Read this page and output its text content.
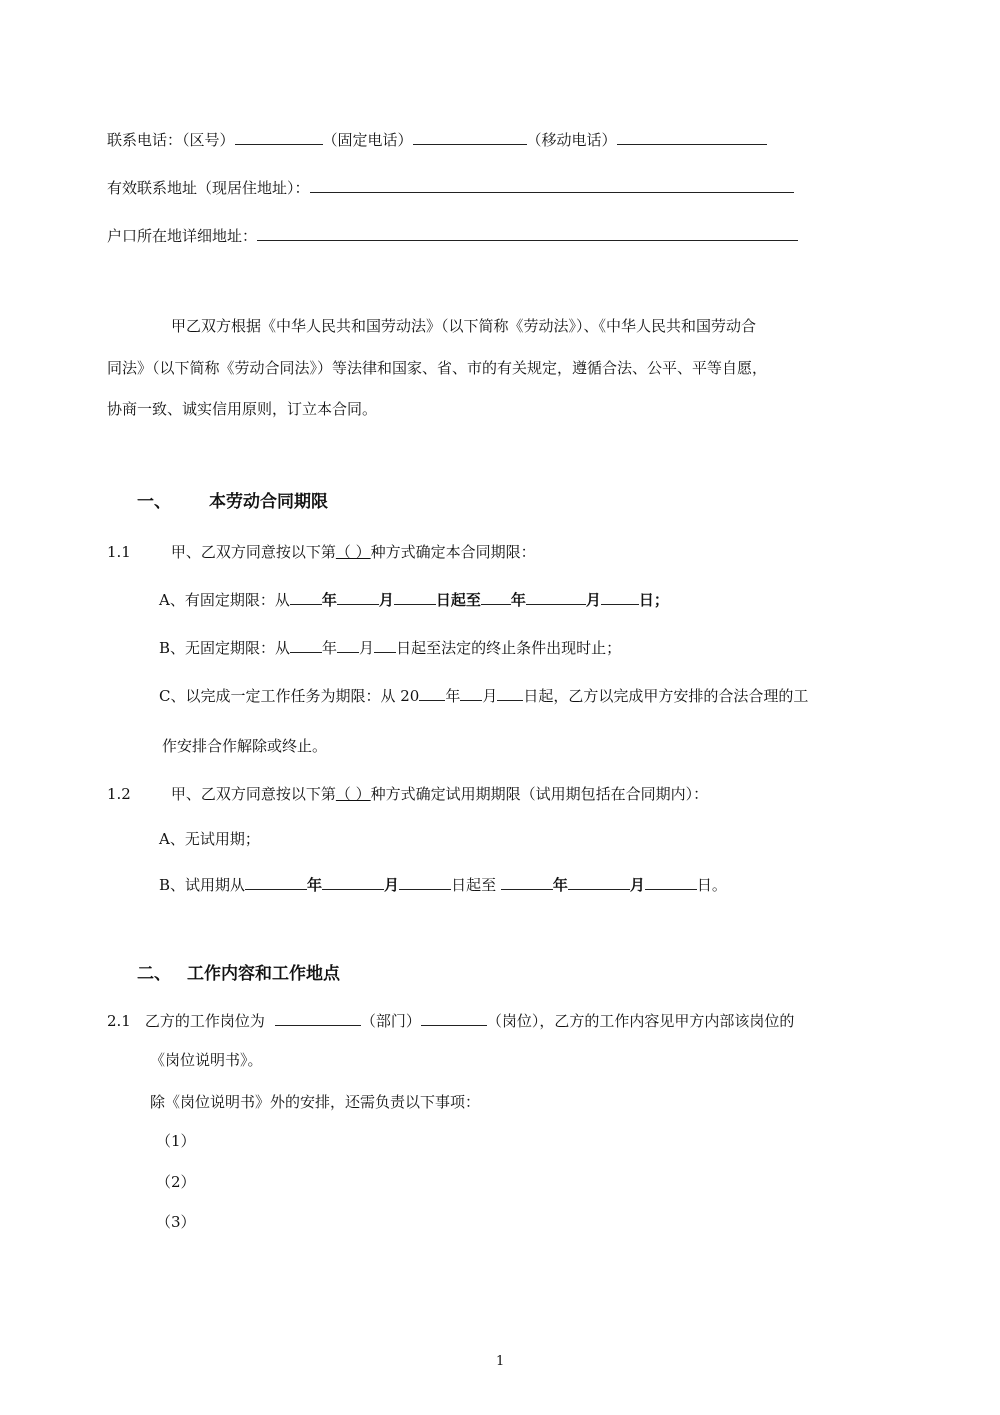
联系电话：（区号）	（固定电话）	（移动电话）
有效联系地址（现居住地址）：
户口所在地详细地址：
甲乙双方根据《中华人民共和国劳动法》（以下简称《劳动法》）、《中华人民共和国劳动合
同法》（以下简称《劳动合同法》）等法律和国家、省、市的有关规定，遵循合法、公平、平等自愿，
协商一致、诚实信用原则，订立本合同。
一、 本劳动合同期限
1.1	甲、乙双方同意按以下第（ ）种方式确定本合同期限：
A、有固定期限：从 年	月	日起至 年	月	日；
B、无固定期限：从 年 月 日起至法定的终止条件出现时止；
C、以完成一定工作任务为期限：从 20 年 月 日起，乙方以完成甲方安排的合法合理的工
作安排合作解除或终止。
1.2	甲、乙双方同意按以下第（ ）种方式确定试用期期限（试用期包括在合同期内）：
A、无试用期；
B、试用期从	年	月	日起至	年	月	日。
二、 工作内容和工作地点
2.1 乙方的工作岗位为	（部门）	（岗位），乙方的工作内容见甲方内部该岗位的
《岗位说明书》。
除《岗位说明书》外的安排，还需负责以下事项：
（1）
（2）
（3）
1
